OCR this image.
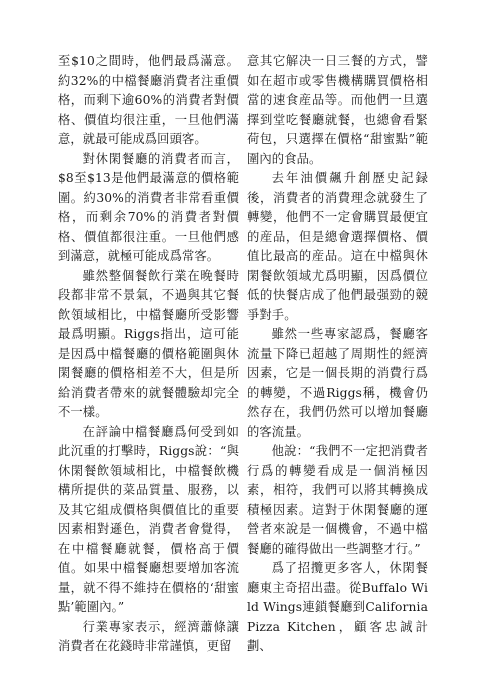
至$10之間時，他們最爲滿意。約32%的中檔餐廳消費者注重價格，而剩下逾60%的消費者對價格、價值均很注重，一旦他們滿意，就最可能成爲回頭客。

對休閑餐廳的消費者而言，$8至$13是他們最滿意的價格範圍。約30%的消費者非常看重價格，而剩余70%的消費者對價格、價值都很注重。一旦他們感到滿意，就極可能成爲常客。

雖然整個餐飲行業在晚餐時段都非常不景氣，不過與其它餐飲領域相比，中檔餐廳所受影響最爲明顯。Riggs指出，這可能是因爲中檔餐廳的價格範圍與休閑餐廳的價格相差不大，但是所給消費者帶來的就餐體驗却完全不一樣。

在評論中檔餐廳爲何受到如此沉重的打擊時，Riggs說：“與休閑餐飲領域相比，中檔餐飲機構所提供的菜品質量、服務，以及其它組成價格與價值比的重要因素相對遜色，消費者會覺得，在中檔餐廳就餐，價格高于價值。如果中檔餐廳想要增加客流量，就不得不維持在價格的‘甜蜜點’範圍內。”

行業專家表示，經濟蕭條讓消費者在花錢時非常謹慎，更留

意其它解决一日三餐的方式，譬如在超市或零售機構購買價格相當的速食産品等。而他們一旦選擇到堂吃餐廳就餐，也總會看緊荷包，只選擇在價格“甜蜜點”範圍內的食品。

去年油價飆升創歷史記録後，消費者的消費理念就發生了轉變，他們不一定會購買最便宜的産品，但是總會選擇價格、價值比最高的産品。這在中檔與休閑餐飲領域尤爲明顯，因爲價位低的快餐店成了他們最强勁的競爭對手。

雖然一些專家認爲，餐廳客流量下降已超越了周期性的經濟因素，它是一個長期的消費行爲的轉變，不過Riggs稱，機會仍然存在，我們仍然可以增加餐廳的客流量。

他說：“我們不一定把消費者行爲的轉變看成是一個消極因素，相符，我們可以將其轉換成積極因素。這對于休閑餐廳的運營者來說是一個機會，不過中檔餐廳的確得做出一些調整才行。”

爲了招攬更多客人，休閑餐廳東主奇招出盡。從Buffalo Wild Wings連鎖餐廳到California Pizza Kitchen，顧客忠誠計劃、
